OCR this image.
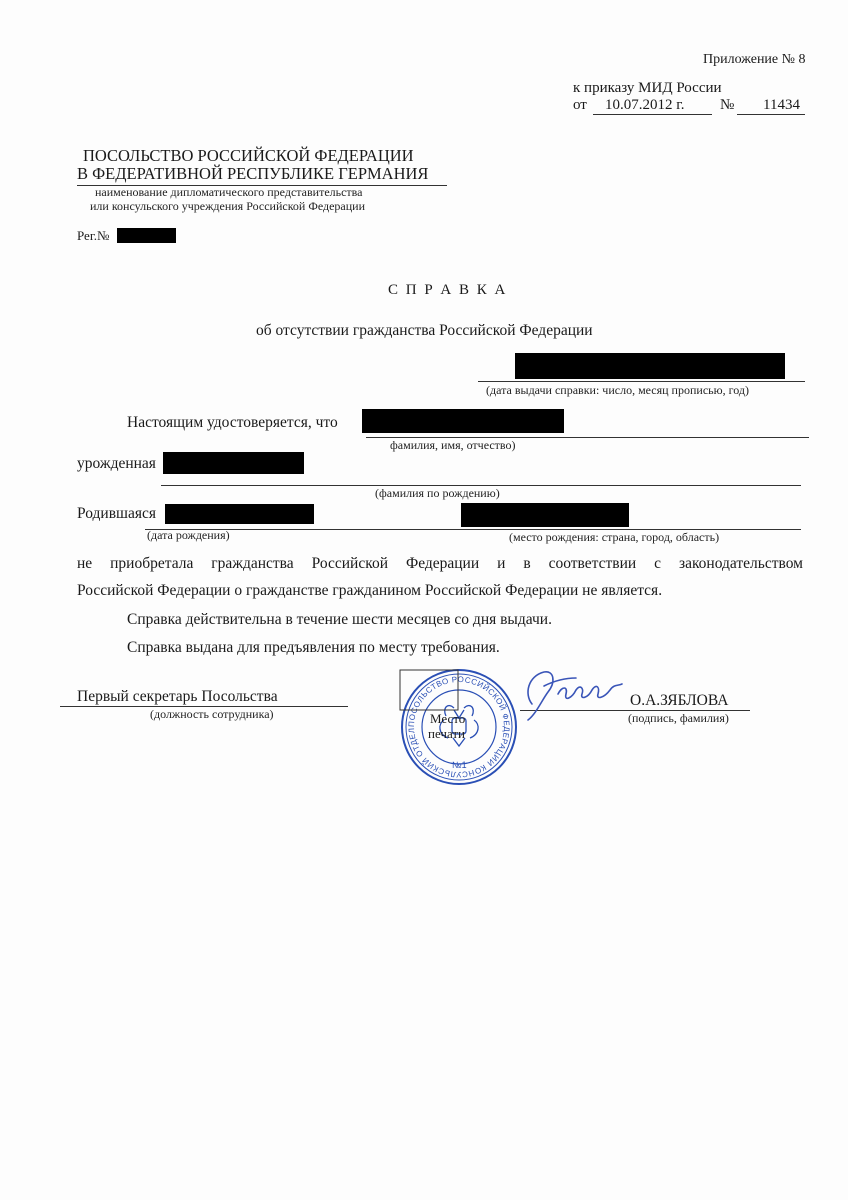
Приложение № 8
к приказу МИД России
от 10.07.2012 г. № 11434
ПОСОЛЬСТВО РОССИЙСКОЙ ФЕДЕРАЦИИ
В ФЕДЕРАТИВНОЙ РЕСПУБЛИКЕ ГЕРМАНИЯ
наименование дипломатического представительства
или консульского учреждения Российской Федерации
Рег.№
С П Р А В К А
об отсутствии гражданства Российской Федерации
(дата выдачи справки: число, месяц прописью, год)
Настоящим удостоверяется, что
фамилия, имя, отчество)
урожденная
(фамилия по рождению)
Родившаяся
(дата рождения)	(место рождения: страна, город, область)
не приобретала гражданства Российской Федерации и в соответствии с законодательством
Российской Федерации о гражданстве гражданином Российской Федерации не является.
Справка действительна в течение шести месяцев со дня выдачи.
Справка выдана для предъявления по месту требования.
Первый секретарь Посольства
(должность сотрудника)
О.А.ЗЯБЛОВА
(подпись, фамилия)
ПОСОЛЬСТВО РОССИЙСКОЙ ФЕДЕРАЦИИ КОНСУЛЬСКИЙ ОТДЕЛ
Место
печати
№1
